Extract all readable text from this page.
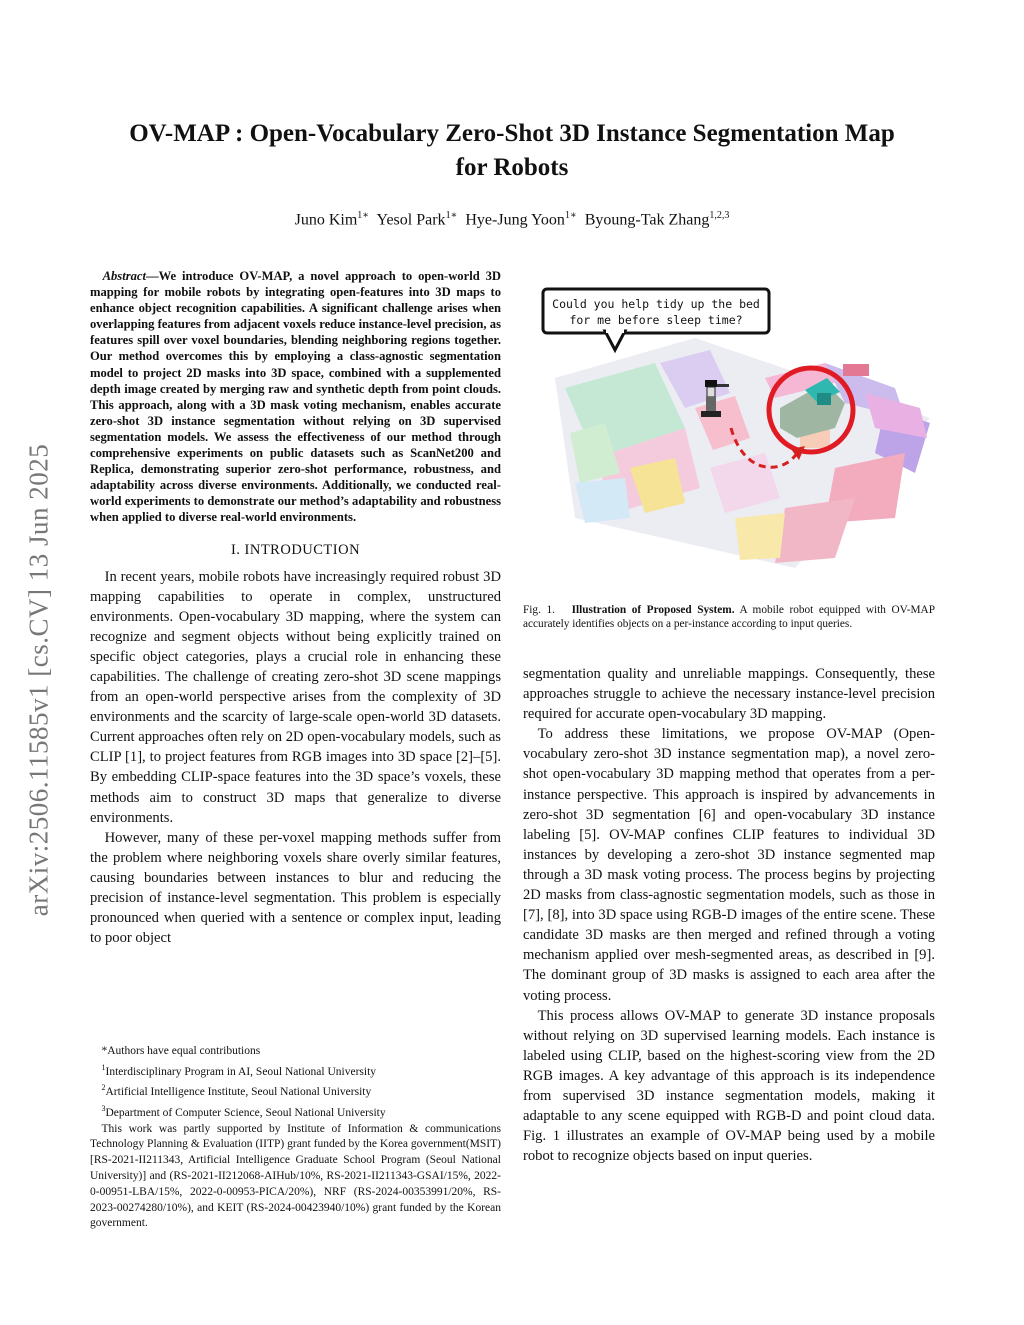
arXiv:2506.11585v1 [cs.CV] 13 Jun 2025
OV-MAP : Open-Vocabulary Zero-Shot 3D Instance Segmentation Map
for Robots
Juno Kim$^{1∗}$ Yesol Park$^{1∗}$ Hye-Jung Yoon$^{1∗}$ Byoung-Tak Zhang$^{1,2,3}$

Abstract—We introduce OV-MAP, a novel approach to open-world 3D mapping for mobile robots by integrating open-features into 3D maps to enhance object recognition capabilities. A significant challenge arises when overlapping features from adjacent voxels reduce instance-level precision, as features spill over voxel boundaries, blending neighboring regions together. Our method overcomes this by employing a class-agnostic segmentation model to project 2D masks into 3D space, combined with a supplemented depth image created by merging raw and synthetic depth from point clouds. This approach, along with a 3D mask voting mechanism, enables accurate zero-shot 3D instance segmentation without relying on 3D supervised segmentation models. We assess the effectiveness of our method through comprehensive experiments on public datasets such as ScanNet200 and Replica, demonstrating superior zero-shot performance, robustness, and adaptability across diverse environments. Additionally, we conducted real-world experiments to demonstrate our method’s adaptability and robustness when applied to diverse real-world environments.

I. INTRODUCTION

In recent years, mobile robots have increasingly required robust 3D mapping capabilities to operate in complex, unstructured environments. Open-vocabulary 3D mapping, where the system can recognize and segment objects without being explicitly trained on specific object categories, plays a crucial role in enhancing these capabilities. The challenge of creating zero-shot 3D scene mappings from an open-world perspective arises from the complexity of 3D environments and the scarcity of large-scale open-world 3D datasets. Current approaches often rely on 2D open-vocabulary models, such as CLIP [1], to project features from RGB images into 3D space [2]–[5]. By embedding CLIP-space features into the 3D space’s voxels, these methods aim to construct 3D maps that generalize to diverse environments.

However, many of these per-voxel mapping methods suffer from the problem where neighboring voxels share overly similar features, causing boundaries between instances to blur and reducing the precision of instance-level segmentation. This problem is especially pronounced when queried with a sentence or complex input, leading to poor object

*Authors have equal contributions

$^1$Interdisciplinary Program in AI, Seoul National University

$^2$Artificial Intelligence Institute, Seoul National University

$^3$Department of Computer Science, Seoul National University

This work was partly supported by Institute of Information & communications Technology Planning & Evaluation (IITP) grant funded by the Korea government(MSIT) [RS-2021-II211343, Artificial Intelligence Graduate School Program (Seoul National University)] and (RS-2021-II212068-AIHub/10%, RS-2021-II211343-GSAI/15%, 2022-0-00951-LBA/15%, 2022-0-00953-PICA/20%), NRF (RS-2024-00353991/20%, RS-2023-00274280/10%), and KEIT (RS-2024-00423940/10%) grant funded by the Korean government.

Could you help tidy up the bed
for me before sleep time?
Fig. 1. Illustration of Proposed System. A mobile robot equipped with OV-MAP accurately identifies objects on a per-instance according to input queries.

segmentation quality and unreliable mappings. Consequently, these approaches struggle to achieve the necessary instance-level precision required for accurate open-vocabulary 3D mapping.

To address these limitations, we propose OV-MAP (Open-vocabulary zero-shot 3D instance segmentation map), a novel zero-shot open-vocabulary 3D mapping method that operates from a per-instance perspective. This approach is inspired by advancements in zero-shot 3D segmentation [6] and open-vocabulary 3D instance labeling [5]. OV-MAP confines CLIP features to individual 3D instances by developing a zero-shot 3D instance segmented map through a 3D mask voting process. The process begins by projecting 2D masks from class-agnostic segmentation models, such as those in [7], [8], into 3D space using RGB-D images of the entire scene. These candidate 3D masks are then merged and refined through a voting mechanism applied over mesh-segmented areas, as described in [9]. The dominant group of 3D masks is assigned to each area after the voting process.

This process allows OV-MAP to generate 3D instance proposals without relying on 3D supervised learning models. Each instance is labeled using CLIP, based on the highest-scoring view from the 2D RGB images. A key advantage of this approach is its independence from supervised 3D instance segmentation models, making it adaptable to any scene equipped with RGB-D and point cloud data. Fig. 1 illustrates an example of OV-MAP being used by a mobile robot to recognize objects based on input queries.
